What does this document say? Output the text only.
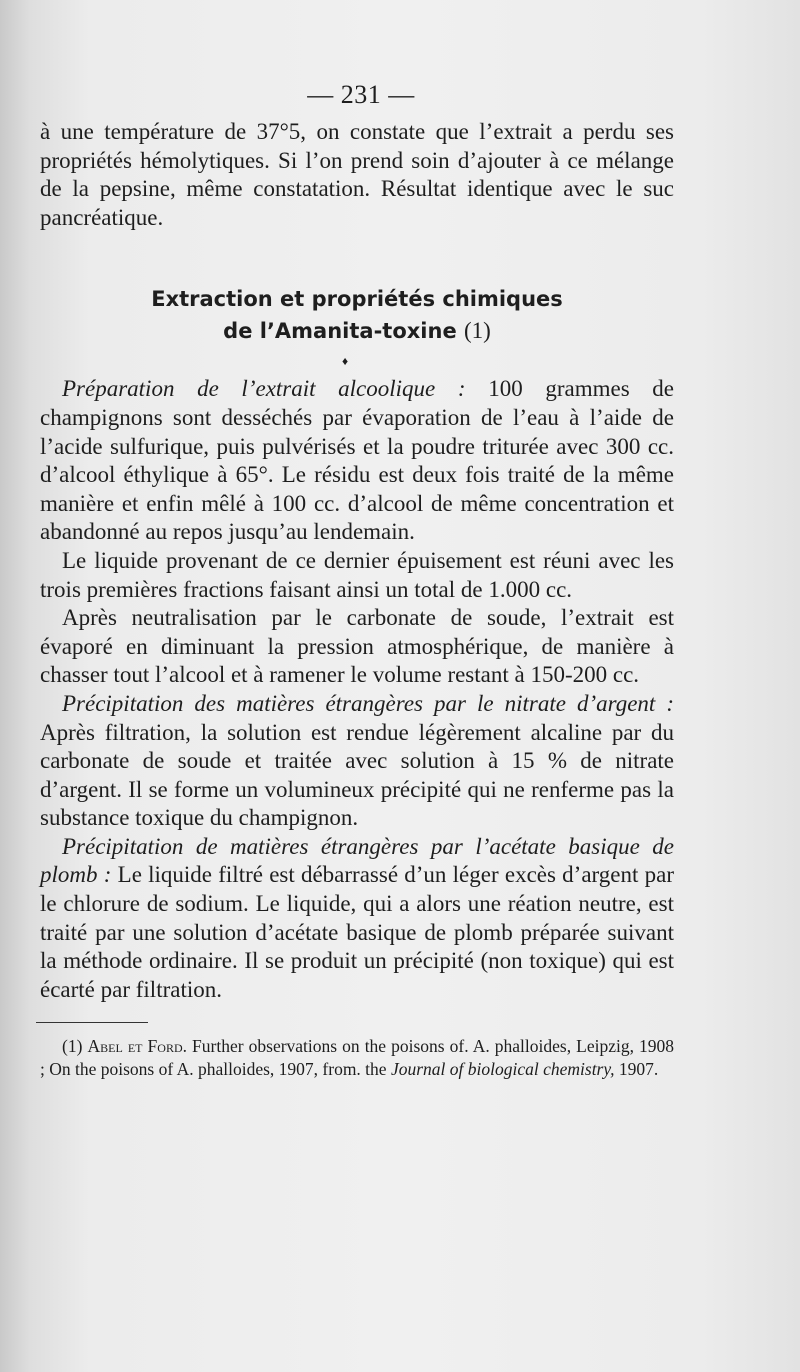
— 231 —

à une température de 37°5, on constate que l’extrait a perdu ses propriétés hémolytiques. Si l’on prend soin d’ajouter à ce mélange de la pepsine, même constatation. Résultat identique avec le suc pancréatique.

Extraction et propriétés chimiques

de l’Amanita-toxine (1)

♦

Préparation de l’extrait alcoolique : 100 grammes de champignons sont desséchés par évaporation de l’eau à l’aide de l’acide sulfurique, puis pulvérisés et la poudre triturée avec 300 cc. d’alcool éthylique à 65°. Le résidu est deux fois traité de la même manière et enfin mêlé à 100 cc. d’alcool de même concentration et abandonné au repos jusqu’au lendemain.

Le liquide provenant de ce dernier épuisement est réuni avec les trois premières fractions faisant ainsi un total de 1.000 cc.

Après neutralisation par le carbonate de soude, l’extrait est évaporé en diminuant la pression atmosphérique, de manière à chasser tout l’alcool et à ramener le volume restant à 150-200 cc.

Précipitation des matières étrangères par le nitrate d’argent : Après filtration, la solution est rendue légèrement alcaline par du carbonate de soude et traitée avec solution à 15 % de nitrate d’argent. Il se forme un volumineux précipité qui ne renferme pas la substance toxique du champignon.

Précipitation de matières étrangères par l’acétate basique de plomb : Le liquide filtré est débarrassé d’un léger excès d’argent par le chlorure de sodium. Le liquide, qui a alors une réation neutre, est traité par une solution d’acétate basique de plomb préparée suivant la méthode ordinaire. Il se produit un précipité (non toxique) qui est écarté par filtration.

(1) Abel et Ford. Further observations on the poisons of. A. phalloides, Leipzig, 1908 ; On the poisons of A. phalloides, 1907, from. the Journal of biological chemistry, 1907.
